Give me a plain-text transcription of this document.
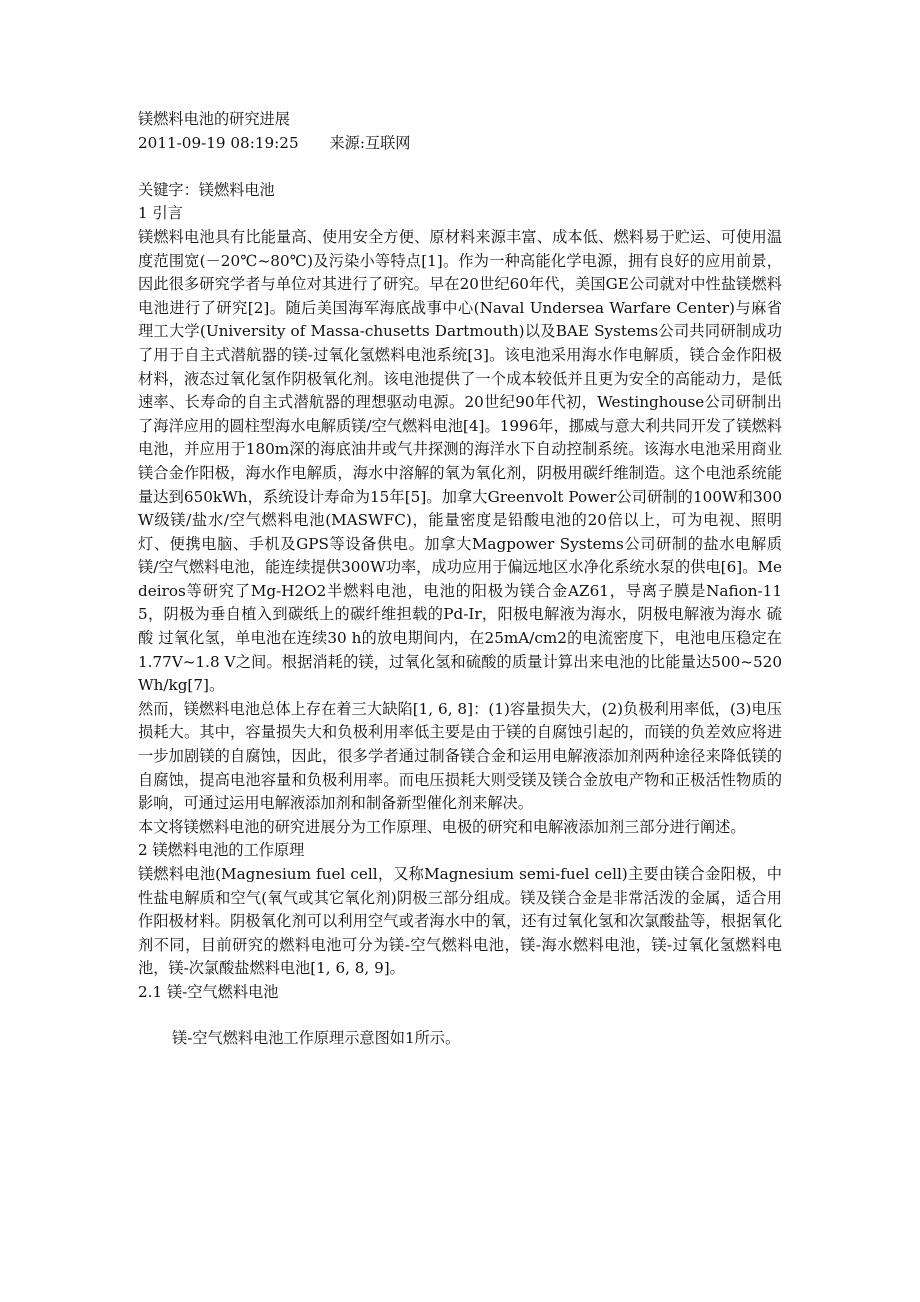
镁燃料电池的研究进展
2011-09-19 08:19:25 来源:互联网
关键字：镁燃料电池
1 引言
镁燃料电池具有比能量高、使用安全方便、原材料来源丰富、成本低、燃料易于贮运、可使用温度范围宽(－20℃~80℃)及污染小等特点[1]。作为一种高能化学电源，拥有良好的应用前景，因此很多研究学者与单位对其进行了研究。早在20世纪60年代，美国GE公司就对中性盐镁燃料电池进行了研究[2]。随后美国海军海底战事中心(Naval Undersea Warfare Center)与麻省理工大学(University of Massa-chusetts Dartmouth)以及BAE Systems公司共同研制成功了用于自主式潜航器的镁-过氧化氢燃料电池系统[3]。该电池采用海水作电解质，镁合金作阳极材料，液态过氧化氢作阴极氧化剂。该电池提供了一个成本较低并且更为安全的高能动力，是低速率、长寿命的自主式潜航器的理想驱动电源。20世纪90年代初，Westinghouse公司研制出了海洋应用的圆柱型海水电解质镁/空气燃料电池[4]。1996年，挪威与意大利共同开发了镁燃料电池，并应用于180m深的海底油井或气井探测的海洋水下自动控制系统。该海水电池采用商业镁合金作阳极，海水作电解质，海水中溶解的氧为氧化剂，阴极用碳纤维制造。这个电池系统能量达到650kWh，系统设计寿命为15年[5]。加拿大Greenvolt Power公司研制的100W和300W级镁/盐水/空气燃料电池(MASWFC)，能量密度是铅酸电池的20倍以上，可为电视、照明灯、便携电脑、手机及GPS等设备供电。加拿大Magpower Systems公司研制的盐水电解质镁/空气燃料电池，能连续提供300W功率，成功应用于偏远地区水净化系统水泵的供电[6]。Medeiros等研究了Mg-H2O2半燃料电池，电池的阳极为镁合金AZ61，导离子膜是Nafion-115，阴极为垂自植入到碳纸上的碳纤维担载的Pd-Ir，阳极电解液为海水，阴极电解液为海水 硫酸 过氧化氢，单电池在连续30 h的放电期间内，在25mA/cm2的电流密度下，电池电压稳定在1.77V~1.8 V之间。根据消耗的镁，过氧化氢和硫酸的质量计算出来电池的比能量达500~520Wh/kg[7]。
然而，镁燃料电池总体上存在着三大缺陷[1, 6, 8]：(1)容量损失大，(2)负极利用率低，(3)电压损耗大。其中，容量损失大和负极利用率低主要是由于镁的自腐蚀引起的，而镁的负差效应将进一步加剧镁的自腐蚀，因此，很多学者通过制备镁合金和运用电解液添加剂两种途径来降低镁的自腐蚀，提高电池容量和负极利用率。而电压损耗大则受镁及镁合金放电产物和正极活性物质的影响，可通过运用电解液添加剂和制备新型催化剂来解决。
本文将镁燃料电池的研究进展分为工作原理、电极的研究和电解液添加剂三部分进行阐述。
2 镁燃料电池的工作原理
镁燃料电池(Magnesium fuel cell，又称Magnesium semi-fuel cell)主要由镁合金阳极，中性盐电解质和空气(氧气或其它氧化剂)阴极三部分组成。镁及镁合金是非常活泼的金属，适合用作阳极材料。阴极氧化剂可以利用空气或者海水中的氧，还有过氧化氢和次氯酸盐等，根据氧化剂不同，目前研究的燃料电池可分为镁-空气燃料电池，镁-海水燃料电池，镁-过氧化氢燃料电池，镁-次氯酸盐燃料电池[1, 6, 8, 9]。
2.1 镁-空气燃料电池
镁-空气燃料电池工作原理示意图如1所示。
